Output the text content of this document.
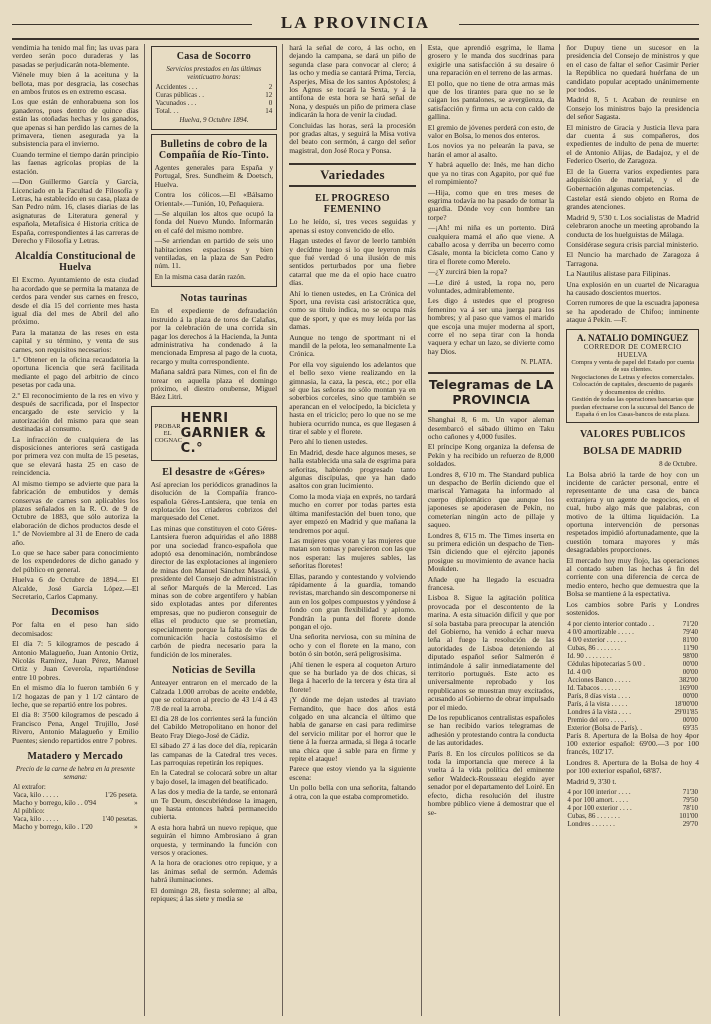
LA PROVINCIA

vendimia ha tenido mal fin; las uvas para verdeo serán poco duraderas y las pasadas se perjudicarán nota-blemente.

Viénele muy bien á la aceituna y la bellota, mas por desgracia, las cosechas en ambos frutos es en extremo escasa.

Los que están de enhorabuena son los ganaderos, pues dentro de quince días están las otoñadas hechas y los ganados, que apenas si han perdido las carnes de la primavera, tienen asegurada ya la subsistencia para el invierno.

Cuando termine el tiempo darán principio las faenas agrícolas propias de la estación.

—Don Guillermo García y García, Licenciado en la Facultad de Filosofía y Letras, ha establecido en su casa, plaza de San Pedro núm. 16, clases diarias de las asignaturas de Literatura general y española, Metafísica é Historia crítica de España, correspondientes á las carreras de Derecho y Filosofía y Letras.

Alcaldía Constitucional de Huelva

El Excmo. Ayuntamiento de esta ciudad ha acordado que se permita la matanza de cerdos para vender sus carnes en fresco, desde el día 15 del corriente mes hasta igual día del mes de Abril del año próximo.

Para la matanza de las reses en esta capital y su término, y venta de sus carnes, son requisitos necesarios:

1.º Obtener en la oficina recaudatoria la oportuna licencia que será facilitada mediante el pago del arbitrio de cinco pesetas por cada una.

2.º El reconocimiento de la res en vivo y después de sacrificada, por el Inspector encargado de este servicio y la autorización del mismo para que sean destinadas al consumo.

La infracción de cualquiera de las disposiciones anteriores será castigada por primera vez con multa de 15 pesetas, que se elevará hasta 25 en caso de reincidencia.

Al mismo tiempo se advierte que para la fabricación de embutidos y demás conservas de carnes son aplicables los plazos señalados en la R. O. de 9 de Octubre de 1883, que sólo autoriza la elaboración de dichos productos desde el 1.º de Noviembre al 31 de Enero de cada año.

Lo que se hace saber para conocimiento de los expendedores de dicho ganado y del público en general.

Huelva 6 de Octubre de 1894.— El Alcalde, José García López.—El Secretario, Carlos Capmany.

Decomisos

Por falta en el peso han sido decomisados:

El día 7: 5 kilogramos de pescado á Antonio Malagueño, Juan Antonio Ortiz, Nicolás Ramírez, Juan Pérez, Manuel Ortiz y Juan Ceverola, repartiéndose entre 10 pobres.

En el mismo día lo fueron también 6 y 1/2 hogazas de pan y 1 1/2 cántaro de leche, que se repartió entre los pobres.

El día 8: 3'500 kilogramos de pescado á Francisco Pena, Angel Trujillo, José Rivero, Antonio Malagueño y Emilio Puentes; siendo repartidos entre 7 pobres.

Matadero y Mercado
Precio de la carne de hebra en la presente semana:
Al extrafor:	
Vaca, kilo . . . . .	1'26 peseta.
Macho y borrego, kilo . . 0'94	»
Al público:	
Vaca, kilo . . . . .	1'40 pesetas.
Macho y borrego, kilo . 1'20	»
Casa de Socorro
Servicios prestados en las últimas veinticuatro horas:
Accidentes . . .	2
Curas públicas . .	12
Vacunados . . .	0
Total. . .	14
Huelva, 9 Octubre 1894.
Bulletins de cobro de la Compañía de Río-Tinto.

Agentes generales para España y Portugal, Sres. Sundheim & Doetsch, Huelva.

Contra los cólicos.—El «Bálsamo Oriental».—Tunión, 10, Peñaquiera.

—Se alquilan los altos que ocupó la fonda del Nuevo Mundo. Informarán en el café del mismo nombre.

—Se arriendan en partido de seis uno habitaciones espaciosas y bien ventiladas, en la plaza de San Pedro núm. 11.

En la misma casa darán razón.

Notas taurinas

En el expediente de defraudación instruido á la plaza de toros de Calañas, por la celebración de una corrida sin pagar los derechos á la Hacienda, la Junta administrativa ha condenado á la mencionada Empresa al pago de la cuota, recargo y multa correspondiente.

Mañana saldrá para Nimes, con el fin de torear en aquella plaza el domingo próximo, el diestro onubense, Miguel Báez Litri.

PROBAR EL COGNAC
HENRI GARNIER & C.°
El desastre de «Géres»

Así aprecian los periódicos granadinos la disolución de la Compañía franco-española Géres-Lantsiera, que tenía en explotación los criaderos cobrizos del marquesado del Cenet.

Las minas que constituyen el coto Géres-Lantsiera fueron adquiridas el año 1888 por una sociedad franco-española que adoptó esa denominación, nombrándose director de las explotaciones al ingeniero de minas don Manuel Sánchez Massiá, y presidente del Consejo de administración al señor Marqués de la Merced. Las minas son de cobre argentífero y habían sido explotadas antes por diferentes empresas, que no pudieron conseguir de ellas el producto que se prometían, especialmente porque la falta de vías de comunicación hacía costosísimo el carbón de piedra necesario para la fundición de los minerales.

Noticias de Sevilla

Anteayer entraron en el mercado de la Calzada 1.000 arrobas de aceite endeble, que se cotizaron al precio de 43 1/4 á 43 7/8 de real la arroba.

El día 28 de los corrientes será la función del Cabildo Metropolitano en honor del Beato Fray Diego-José de Cádiz.

El sábado 27 á las doce del día, repicarán las campanas de la Catedral tres veces. Las parroquias repetirán los repiques.

En la Catedral se colocará sobre un altar y bajo dosel, la imagen del beatificado.

A las dos y media de la tarde, se entonará un Te Deum, descubriéndose la imagen, que hasta entonces habrá permanecido cubierta.

A esta hora habrá un nuevo repique, que seguirán el himno Ambrosiano á gran orquesta, y terminando la función con versos y oraciones.

A la hora de oraciones otro repique, y a las ánimas señal de sermón. Además habrá iluminaciones.

El domingo 28, fiesta solemne; al alba, repiques; á las siete y media se

hará la señal de coro, á las ocho, en dejando la campana, se dará un piño de segunda clase para convocar al clero; á las ocho y media se cantará Prima, Tercia, Asperjes, Misa de los santos Apóstoles; á los Agnus se tocará la Sexta, y á la antífona de esta hora se hará señal de Nona, y después un piño de primera clase indicarán la hora de venir la ciudad.

Concluidas las horas, será la procesión por gradas altas, y seguirá la Misa votiva del beato con sermón, á cargo del señor magistral, don José Roca y Ponsa.

Variedades
EL PROGRESO FEMENINO

Lo he leído, sí, tres veces seguidas y apenas si estoy convencido de ello.

Hagan ustedes el favor de leerlo también y decídme luego si lo que leyeron más que fué verdad ó una ilusión de mis sentidos perturbados por una fiebre catarral que me da el opio hace cuatro días.

Ahí lo tienen ustedes, en La Crónica del Sport, una revista casi aristocrática que, como su título indica, no se ocupa más que de sport, y que es muy leída por las damas.

Aunque no tengo de sportmant ni el mandil de la pelota, leo semanalmente La Crónica.

Por ella voy siguiendo los adelantos que el bello sexo viene realizando en la gimnasia, la caza, la pesca, etc.; por ella sé que las señoras no sólo montan ya en soberbios corceles, sino que también se aperancan en el velocípedo, la bicicleta y hasta en el triciclo; pero lo que no se me hubiera ocurrido nunca, es que llegasen á tirar el sable y el florete.

Pero ahí lo tienen ustedes.

En Madrid, desde hace algunos meses, se halla establecida una sala de esgrima para señoritas, habiendo progresado tanto algunas discípulas, que ya han dado asaltos con gran lucimiento.

Como la moda viaja en exprés, no tardará mucho en correr por todas partes esta última manifestación del buen tono, que ayer empezó en Madrid y que mañana la tendremos por aquí.

Las mujeres que votan y las mujeres que matan son tomas y parecieron con las que nos esperan: las mujeres sables, las señoritas floretes!

Ellas, parando y contestando y volviendo rápidamente á la guardia, tomando revistas, marchando sin descomponerse ni aun en los golpes compuestos y yéndose á fondo con gran flexibilidad y aplomo. Pondrán la punta del florete donde pongan el ojo.

Una señorita nerviosa, con su mínina de ocho y con el florete en la mano, con botón ó sin botón, será peligrosísima.

¡Ahí tienen le espera al coqueton Arturo que se ha burlado ya de dos chicas, si llega á hacerlo de la tercera y ésta tira al florete!

¡Y dónde me dejan ustedes al traviato Fernandito, que hace dos años está colgado en una alcancía el último que habla de ganarse en casi para redimirse del servicio militar por el horror que le tiene á la fuerza armada, si llega á tocarle una chica que á sable para en firme y repite el ataque!

Parece que estoy viendo ya la siguiente escena:

Un pollo bella con una señorita, faltando á otra, con la que estaba comprometido.

Esta, que aprendió esgrima, le llama grosero y le manda dos sucdrinas para exigirle una satisfacción á su desaire ó una reparación en el terreno de las armas.

El pollo, que no tiene de otra armas más que de los tirantes para que no se le caigan los pantalones, se avergüenza, da satisfacción y firma un acta con caldo de gallina.

El gremio de jóvenes perderá con esto, de valor en Bolsa, lo menos dos enteros.

Los novios ya no pelearán la pava, se harán el amor al asalto.

Y habrá aquello de: Inés, me han dicho que ya no tiras con Agapito, por qué fue el rompimiento?

—Hija, como que en tres meses de esgrima todavía no ha pasado de tomar la guardia. Dónde voy con hombre tan torpe?

—¡Ah! mi niña es un portento. Dirá cualquiera mamá el año que viene. A caballo acosa y derriba un becerro como Cásale, monta la bicicleta como Cano y tira el florete como Merelo.

—¿Y zurcirá bien la ropa?

—Le diré á usted, la ropa no, pero voluntades, admirablemente.

Les digo á ustedes que el progreso femenino va á ser una juerga para los hombres; y al paso que vamos el marido que escoja una mujer moderna al sport, corre el no sepa tirar con la honda vaquera y echar un lazo, se divierte como hay Dios.

N. PLATA.
Telegramas de LA PROVINCIA

Shanghai 8, 6 m. Un vapor aleman desembarcó el sábado último en Taku ocho cañones y 4,000 fusiles.

El príncipe Kong organiza la defensa de Pekín y ha recibido un refuerzo de 8,000 soldados.

Londres 8, 6'10 m. The Standard publica un despacho de Berlín diciendo que el mariscal Yamagata ha informado al cuerpo diplomático que aunque los japoneses se apoderasen de Pekín, no cometerían ningún acto de pillaje y saqueo.

Londres 8, 6'15 m. The Times inserta en su primera edición un despacho de Tien-Tsin diciendo que el ejército japonés prosigue su movimiento de avance hacia Moukden.

Añade que ha llegado la escuadra francesa.

Lisboa 8. Sigue la agitación política provocada por el descontento de la marina. A esta situación difícil y que por sí sola bastaba para preocupar la atención del Gobierno, ha venido á echar nueva leña al fuego la resolución de las autoridades de Lisboa deteniendo al diputado español señor Salmerón é intimándole á salir inmediatamente del territorio portugués. Este acto es universalmente reprobado y los republicanos se muestran muy excitados, acusando al Gobierno de obrar impulsado por el miedo.

De los republicanos centralistas españoles se han recibido varios telegramas de adhesión y protestando contra la conducta de las autoridades.

París 8. En los círculos políticos se da toda la importancia que merece á la vuelta á la vida política del eminente señor Waldeck-Rousseau elegido ayer senador por el departamento del Loiré. En efecto, dicha resolución del ilustre hombre público viene á demostrar que el se-

ñor Dupuy tiene un sucesor en la presidencia del Consejo de ministros y que en el caso de faltar el señor Casimir Perier la República no quedará huérfana de un candidato popular aceptado unánimemente por todos.

Madrid 8, 5 t. Acaban de reunirse en Consejo los ministros bajo la presidencia del señor Sagasta.

El ministro de Gracia y Justicia lleva para dar cuenta á sus compañeros, dos expedientes de indulto de pena de muerte: el de Antonio Alijas, de Badajoz, y el de Federico Oserio, de Zaragoza.

El de la Guerra varios expedientes para adquisición de material, y el de Gobernación algunas competencias.

Castelar está siendo objeto en Roma de grandes atenciones.

Madrid 9, 5'30 t. Los socialistas de Madrid celebraron anoche un meeting aprobando la conducta de los huelguistas de Málaga.

Considérase segura crisis parcial ministerio.

El Nuncio ha marchado de Zaragoza á Tarragona.

La Nautilus alistase para Filipinas.

Una explosión en un cuartel de Nicaragua ha causado doscientos muertos.

Corren rumores de que la escuadra japonesa se ha apoderado de Chifoo; inminente ataque á Pekín. —F.

A. NATALIO DOMINGUEZ
CORREDOR DE COMERCIO
HUELVA
Compra y venta de papel del Estado por cuenta de sus clientes.
Negociaciones de Letras y efectos comerciales.
Colocación de capitales, descuento de pagarés y documentos de crédito.
Gestión de todas las operaciones bancarias que puedan efectuarse con la sucursal del Banco de España ó en los Casas-bancos de esta plaza.
VALORES PUBLICOS
BOLSA DE MADRID
8 de Octubre.

La Bolsa abrió la tarde de hoy con un incidente de carácter personal, entre el representante de una casa de banca extranjera y un agente de negocios, en el cual, hubo algo más que palabras, con motivo de la última liquidación. La oportuna intervención de personas respetados impidió afortunadamente, que la cuestión tomara mayores y más desagradables proporciones.

El mercado hoy muy flojo, las operaciones al contado suben las hechas á fin del corriente con una diferencia de cerca de medio entero, hecho que demuestra que la Bolsa se mantiene á la espectativa.

Los cambios sobre París y Londres sostenidos.

4 por ciento interior contado . .	71'20
4 0/0 amortizable . . . . .	79'40
4 0/0 exterior . . . . . .	81'00
Cubas, 86 . . . . . . .	11'90
Id. 90 . . . . . . . .	98'00
Cédulas hipotecarias 5 0/0 .	00'00
Id. 4 0/0	00'00
Acciones Banco . . . . .	382'00
Id. Tabacos . . . . . .	169'00
París, 8 días vista . . . .	00'00
París, á la vista . . . . .	18'00'00
Londres á la vista . . . .	29'01'85
Premio del oro . . . . .	00'00
Exterior (Bolsa de París). .	69'35

París 8. Apertura de la Bolsa de hoy 4por 100 exterior español: 69'00.—3 por 100 francés, 102'17.

Londres 8. Apertura de la Bolsa de hoy 4 por 100 exterior español, 68'87.

Madrid 9, 3'30 t.

4 por 100 interior . . . .	71'30
4 por 100 amort. . . . .	79'50
4 por 100 exterior . . . .	78'10
Cubas, 86 . . . . . . .	101'00
Londres . . . . . . .	29'70
